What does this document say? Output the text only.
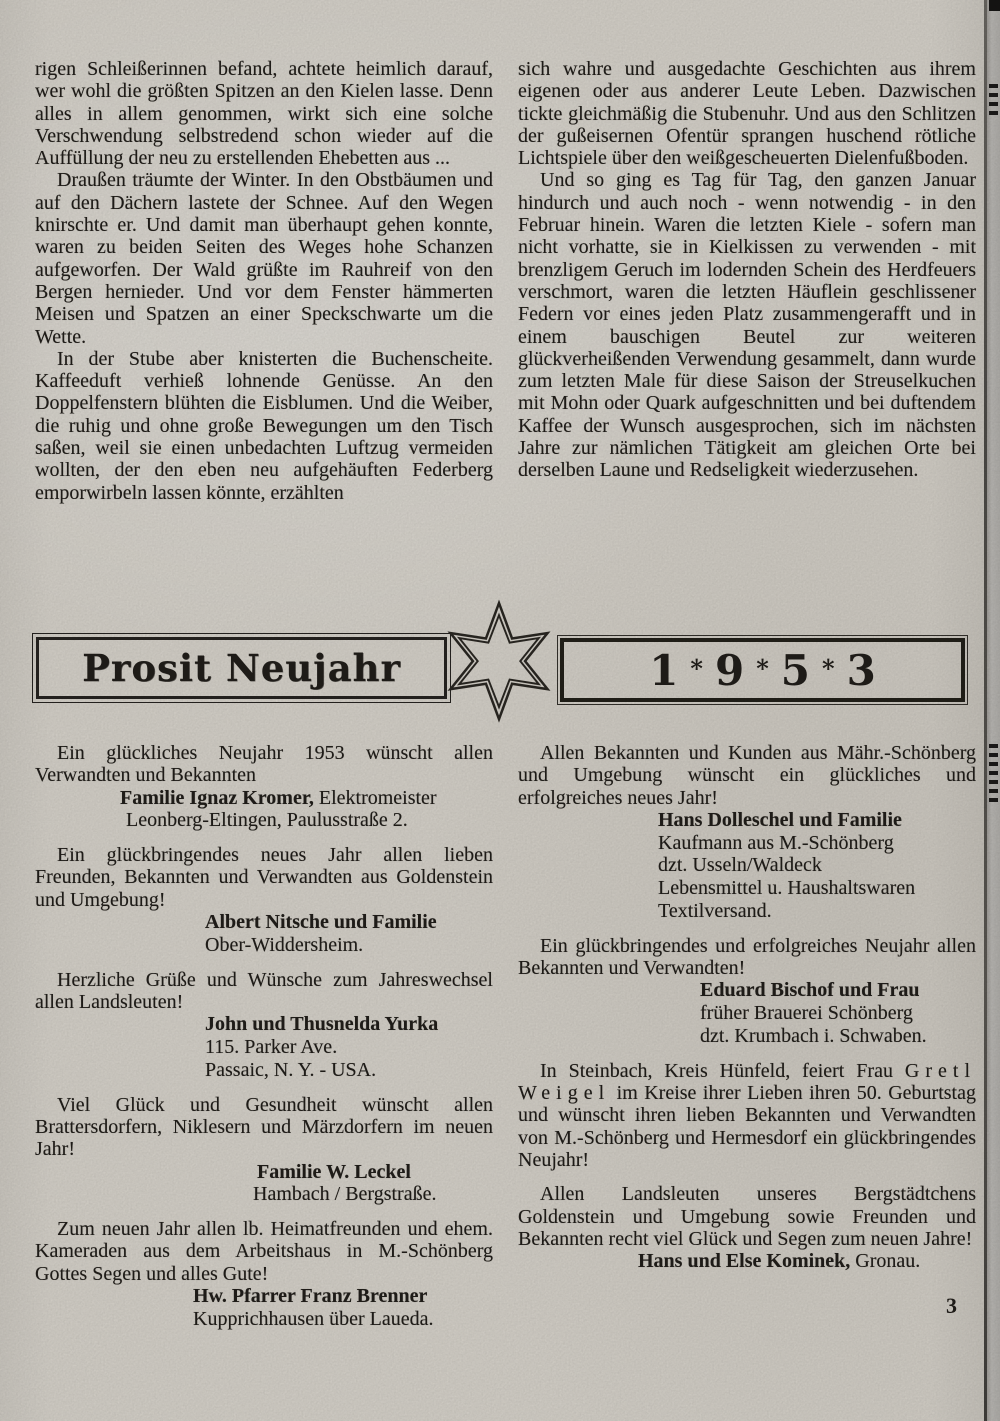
rigen Schleißerinnen befand, achtete heimlich darauf, wer wohl die größten Spitzen an den Kielen lasse. Denn alles in allem genommen, wirkt sich eine solche Verschwendung selbstredend schon wieder auf die Auffüllung der neu zu erstellenden Ehebetten aus ...

Draußen träumte der Winter. In den Obstbäumen und auf den Dächern lastete der Schnee. Auf den Wegen knirschte er. Und damit man überhaupt gehen konnte, waren zu beiden Seiten des Weges hohe Schanzen aufgeworfen. Der Wald grüßte im Rauhreif von den Bergen hernieder. Und vor dem Fenster hämmerten Meisen und Spatzen an einer Speckschwarte um die Wette.

In der Stube aber knisterten die Buchenscheite. Kaffeeduft verhieß lohnende Genüsse. An den Doppelfenstern blühten die Eisblumen. Und die Weiber, die ruhig und ohne große Bewegungen um den Tisch saßen, weil sie einen unbedachten Luftzug vermeiden wollten, der den eben neu aufgehäuften Federberg emporwirbeln lassen könnte, erzählten

sich wahre und ausgedachte Geschichten aus ihrem eigenen oder aus anderer Leute Leben. Dazwischen tickte gleichmäßig die Stubenuhr. Und aus den Schlitzen der gußeisernen Ofentür sprangen huschend rötliche Lichtspiele über den weißgescheuerten Dielenfußboden.

Und so ging es Tag für Tag, den ganzen Januar hindurch und auch noch - wenn notwendig - in den Februar hinein. Waren die letzten Kiele - sofern man nicht vorhatte, sie in Kielkissen zu verwenden - mit brenzligem Geruch im lodernden Schein des Herdfeuers verschmort, waren die letzten Häuflein geschlissener Federn vor eines jeden Platz zusammengerafft und in einem bauschigen Beutel zur weiteren glückverheißenden Verwendung gesammelt, dann wurde zum letzten Male für diese Saison der Streuselkuchen mit Mohn oder Quark aufgeschnitten und bei duftendem Kaffee der Wunsch ausgesprochen, sich im nächsten Jahre zur nämlichen Tätigkeit am gleichen Orte bei derselben Laune und Redseligkeit wiederzusehen.

Prosit Neujahr	1 * 9 * 5 * 3

Ein glückliches Neujahr 1953 wünscht allen Verwandten und Bekannten

Familie Ignaz Kromer, Elektromeister
Leonberg-Eltingen, Paulusstraße 2.

Ein glückbringendes neues Jahr allen lieben Freunden, Bekannten und Verwandten aus Goldenstein und Umgebung!

Albert Nitsche und Familie
Ober-Widdersheim.

Herzliche Grüße und Wünsche zum Jahreswechsel allen Landsleuten!

John und Thusnelda Yurka
115. Parker Ave.
Passaic, N. Y. - USA.

Viel Glück und Gesundheit wünscht allen Brattersdorfern, Niklesern und Märzdorfern im neuen Jahr!

Familie W. Leckel
Hambach / Bergstraße.

Zum neuen Jahr allen lb. Heimatfreunden und ehem. Kameraden aus dem Arbeitshaus in M.-Schönberg Gottes Segen und alles Gute!

Hw. Pfarrer Franz Brenner
Kupprichhausen über Laueda.

Allen Bekannten und Kunden aus Mähr.-Schönberg und Umgebung wünscht ein glückliches und erfolgreiches neues Jahr!

Hans Dolleschel und Familie
Kaufmann aus M.-Schönberg
dzt. Usseln/Waldeck
Lebensmittel u. Haushaltswaren
Textilversand.

Ein glückbringendes und erfolgreiches Neujahr allen Bekannten und Verwandten!

Eduard Bischof und Frau
früher Brauerei Schönberg
dzt. Krumbach i. Schwaben.

In Steinbach, Kreis Hünfeld, feiert Frau Gretl Weigel im Kreise ihrer Lieben ihren 50. Geburtstag und wünscht ihren lieben Bekannten und Verwandten von M.-Schönberg und Hermesdorf ein glückbringendes Neujahr!

Allen Landsleuten unseres Bergstädtchens Goldenstein und Umgebung sowie Freunden und Bekannten recht viel Glück und Segen zum neuen Jahre!

Hans und Else Kominek, Gronau.
3
